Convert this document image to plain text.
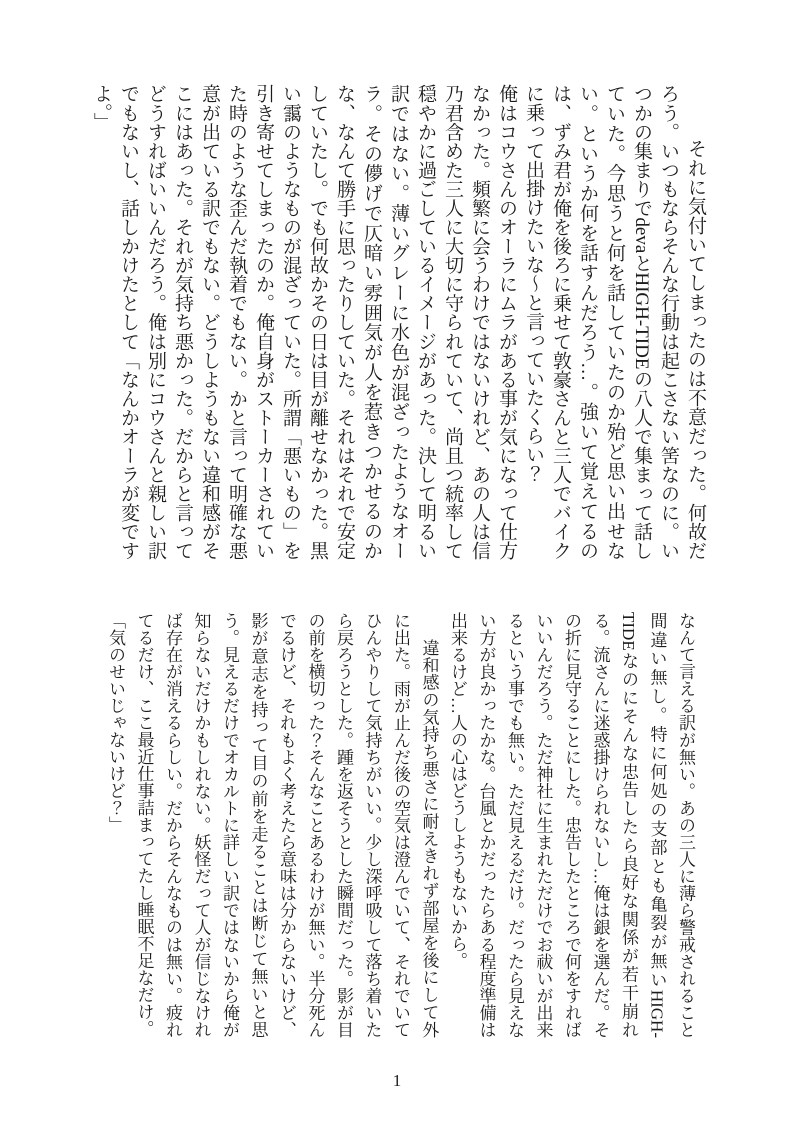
それに気付いてしまったのは不意だった。何故だろう。いつもならそんな行動は起こさない筈なのに。いつかの集まりでdevaとHIGH-TIDEの八人で集まって話していた。今思うと何を話していたのか殆ど思い出せない。というか何を話すんだろう…。強いて覚えてるのは、ずみ君が俺を後ろに乗せて敦豪さんと三人でバイクに乗って出掛けたいな〜と言っていたくらい？

俺はコウさんのオーラにムラがある事が気になって仕方なかった。頻繁に会うわけではないけれど、あの人は信乃君含めた三人に大切に守られていて、尚且つ統率して穏やかに過ごしているイメージがあった。決して明るい訳ではない。薄いグレーに水色が混ざったようなオーラ。その儚げで仄暗い雰囲気が人を惹きつかせるのかな、なんて勝手に思ったりしていた。それはそれで安定していたし。でも何故かその日は目が離せなかった。黒い靄のようなものが混ざっていた。所謂「悪いもの」を引き寄せてしまったのか。俺自身がストーカーされていた時のような歪んだ執着でもない。かと言って明確な悪意が出ている訳でもない。どうしようもない違和感がそこにはあった。それが気持ち悪かった。だからと言ってどうすればいいんだろう。俺は別にコウさんと親しい訳でもないし、話しかけたとして「なんかオーラが変ですよ。」

なんて言える訳が無い。あの三人に薄ら警戒されること間違い無し。特に何処の支部とも亀裂が無いHIGH-TIDEなのにそんな忠告したら良好な関係が若干崩れる。流さんに迷惑掛けられないし…俺は銀を選んだ。その折に見守ることにした。忠告したところで何をすればいいんだろう。ただ神社に生まれただけでお祓いが出来るという事でも無い。ただ見えるだけ。だったら見えない方が良かったかな。台風とかだったらある程度準備は出来るけど…人の心はどうしようもないから。

違和感の気持ち悪さに耐えきれず部屋を後にして外に出た。雨が止んだ後の空気は澄んでいて、それでいてひんやりして気持ちがいい。少し深呼吸して落ち着いたら戻ろうとした。踵を返そうとした瞬間だった。影が目の前を横切った？そんなことあるわけが無い。半分死んでるけど、それもよく考えたら意味は分からないけど、影が意志を持って目の前を走ることは断じて無いと思う。見えるだけでオカルトに詳しい訳ではないから俺が知らないだけかもしれない。妖怪だって人が信じなければ存在が消えるらしい。だからそんなものは無い。疲れてるだけ、ここ最近仕事詰まってたし睡眠不足なだけ。

「気のせいじゃないけど？」

1
